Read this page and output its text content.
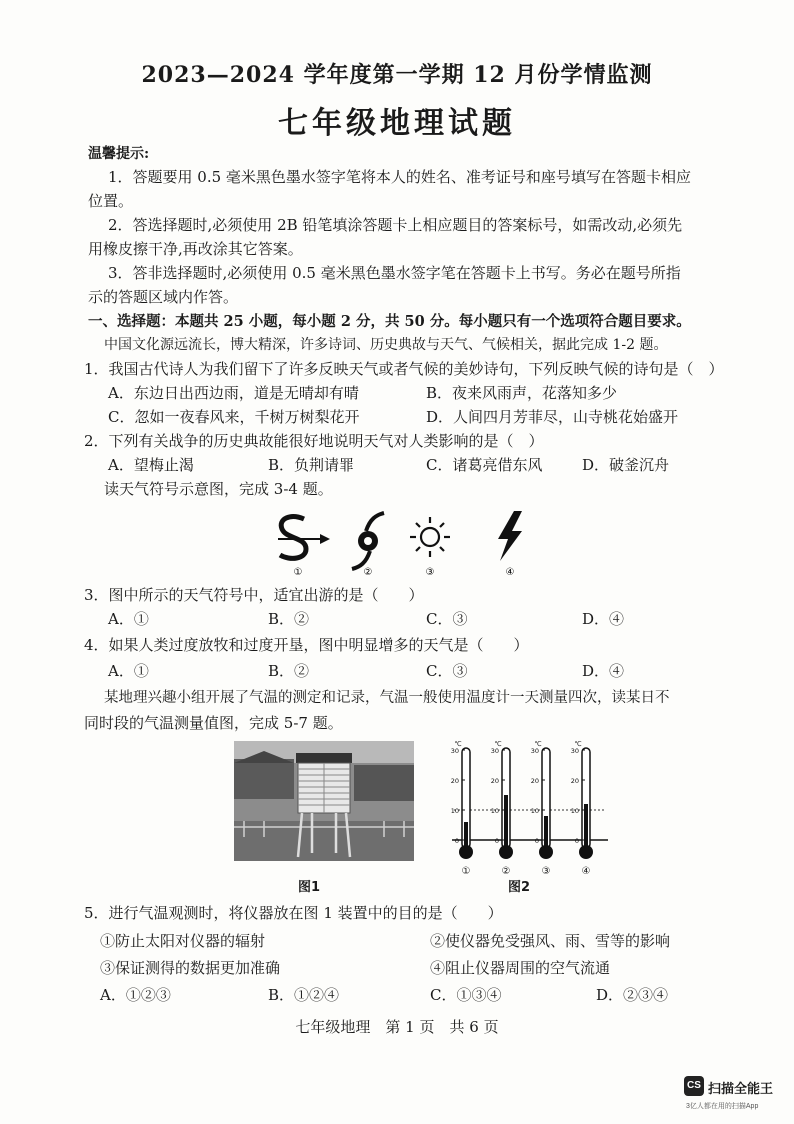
2023—2024 学年度第一学期 12 月份学情监测
七年级地理试题
温馨提示:
1．答题要用 0.5 毫米黑色墨水签字笔将本人的姓名、准考证号和座号填写在答题卡相应
位置。
2．答选择题时,必须使用 2B 铅笔填涂答题卡上相应题目的答案标号，如需改动,必须先
用橡皮擦干净,再改涂其它答案。
3．答非选择题时,必须使用 0.5 毫米黑色墨水签字笔在答题卡上书写。务必在题号所指
示的答题区域内作答。
一、选择题：本题共 25 小题，每小题 2 分，共 50 分。每小题只有一个选项符合题目要求。
中国文化源远流长，博大精深，许多诗词、历史典故与天气、气候相关，据此完成 1-2 题。
1．我国古代诗人为我们留下了许多反映天气或者气候的美妙诗句，下列反映气候的诗句是（　）
A．东边日出西边雨，道是无晴却有晴	B．夜来风雨声，花落知多少
C．忽如一夜春风来，千树万树梨花开	D．人间四月芳菲尽，山寺桃花始盛开
2．下列有关战争的历史典故能很好地说明天气对人类影响的是（　）
A．望梅止渴	B．负荆请罪	C．诸葛亮借东风	D．破釜沉舟
读天气符号示意图，完成 3-4 题。
①	②	③	④
3．图中所示的天气符号中，适宜出游的是（　　）
A．①	B．②	C．③	D．④
4．如果人类过度放牧和过度开垦，图中明显增多的天气是（　　）
A．①	B．②	C．③	D．④
某地理兴趣小组开展了气温的测定和记录，气温一般使用温度计一天测量四次，读某日不
同时段的气温测量值图，完成 5-7 题。
图1
30
20
10
0
℃
①
30
20
10
0
℃
②
30
20
10
0
℃
③
30
20
10
0
℃
④
图2
5．进行气温观测时，将仪器放在图 1 装置中的目的是（　　）
①防止太阳对仪器的辐射	②使仪器免受强风、雨、雪等的影响
③保证测得的数据更加准确	④阻止仪器周围的空气流通
A．①②③	B．①②④	C．①③④	D．②③④
七年级地理　第 1 页　共 6 页
CS 扫描全能王
3亿人都在用的扫描App
